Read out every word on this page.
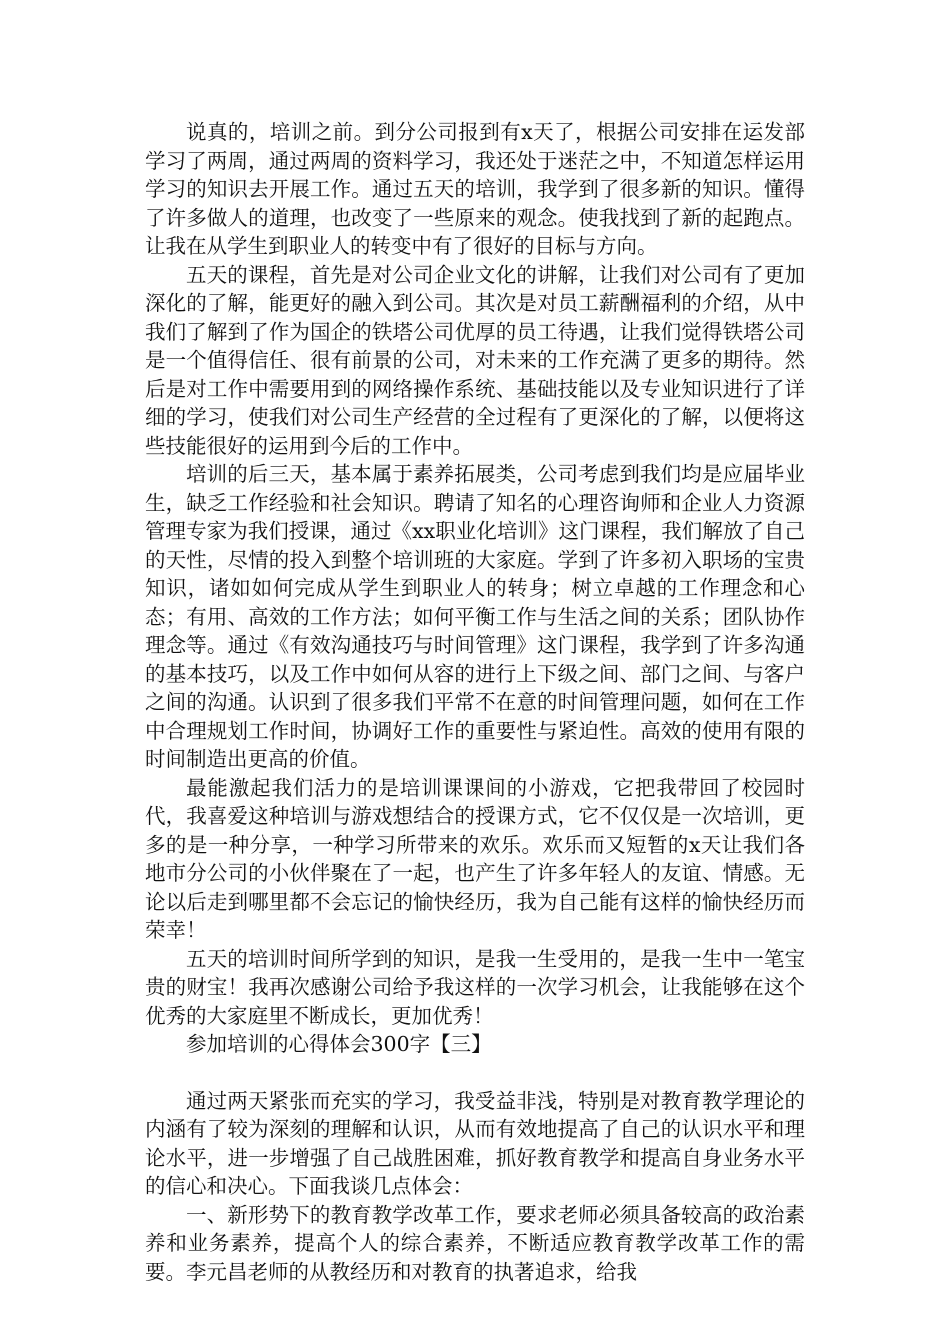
说真的，培训之前。到分公司报到有x天了，根据公司安排在运发部学习了两周，通过两周的资料学习，我还处于迷茫之中，不知道怎样运用学习的知识去开展工作。通过五天的培训，我学到了很多新的知识。懂得了许多做人的道理，也改变了一些原来的观念。使我找到了新的起跑点。让我在从学生到职业人的转变中有了很好的目标与方向。

五天的课程，首先是对公司企业文化的讲解，让我们对公司有了更加深化的了解，能更好的融入到公司。其次是对员工薪酬福利的介绍，从中我们了解到了作为国企的铁塔公司优厚的员工待遇，让我们觉得铁塔公司是一个值得信任、很有前景的公司，对未来的工作充满了更多的期待。然后是对工作中需要用到的网络操作系统、基础技能以及专业知识进行了详细的学习，使我们对公司生产经营的全过程有了更深化的了解，以便将这些技能很好的运用到今后的工作中。

培训的后三天，基本属于素养拓展类，公司考虑到我们均是应届毕业生，缺乏工作经验和社会知识。聘请了知名的心理咨询师和企业人力资源管理专家为我们授课，通过《xx职业化培训》这门课程，我们解放了自己的天性，尽情的投入到整个培训班的大家庭。学到了许多初入职场的宝贵知识，诸如如何完成从学生到职业人的转身；树立卓越的工作理念和心态；有用、高效的工作方法；如何平衡工作与生活之间的关系；团队协作理念等。通过《有效沟通技巧与时间管理》这门课程，我学到了许多沟通的基本技巧，以及工作中如何从容的进行上下级之间、部门之间、与客户之间的沟通。认识到了很多我们平常不在意的时间管理问题，如何在工作中合理规划工作时间，协调好工作的重要性与紧迫性。高效的使用有限的时间制造出更高的价值。

最能激起我们活力的是培训课课间的小游戏，它把我带回了校园时代，我喜爱这种培训与游戏想结合的授课方式，它不仅仅是一次培训，更多的是一种分享，一种学习所带来的欢乐。欢乐而又短暂的x天让我们各地市分公司的小伙伴聚在了一起，也产生了许多年轻人的友谊、情感。无论以后走到哪里都不会忘记的愉快经历，我为自己能有这样的愉快经历而荣幸！

五天的培训时间所学到的知识，是我一生受用的，是我一生中一笔宝贵的财宝！我再次感谢公司给予我这样的一次学习机会，让我能够在这个优秀的大家庭里不断成长，更加优秀！

参加培训的心得体会300字【三】

通过两天紧张而充实的学习，我受益非浅，特别是对教育教学理论的内涵有了较为深刻的理解和认识，从而有效地提高了自己的认识水平和理论水平，进一步增强了自己战胜困难，抓好教育教学和提高自身业务水平的信心和决心。下面我谈几点体会：

一、新形势下的教育教学改革工作，要求老师必须具备较高的政治素养和业务素养，提高个人的综合素养，不断适应教育教学改革工作的需要。李元昌老师的从教经历和对教育的执著追求，给我
